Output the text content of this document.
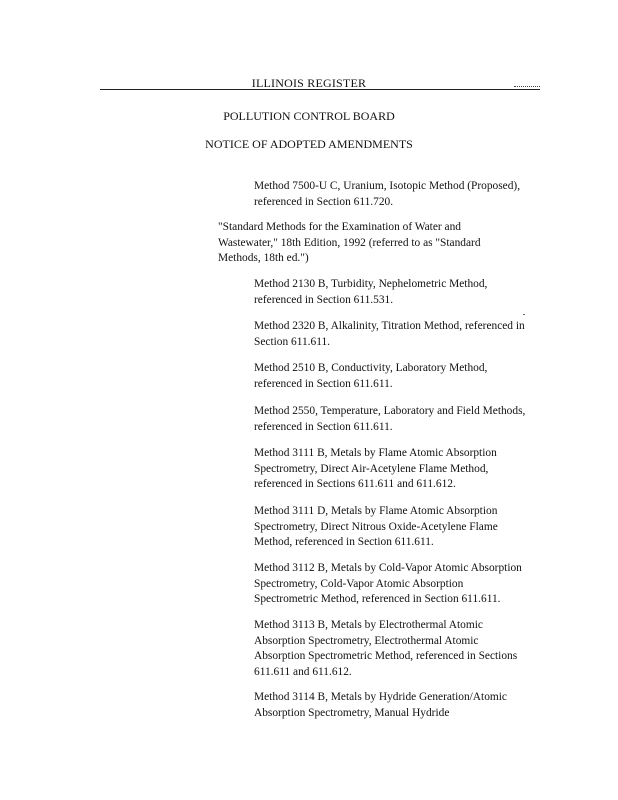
ILLINOIS REGISTER
POLLUTION CONTROL BOARD
NOTICE OF ADOPTED AMENDMENTS
Method 7500-U C, Uranium, Isotopic Method (Proposed),
referenced in Section 611.720.
"Standard Methods for the Examination of Water and
Wastewater," 18th Edition, 1992 (referred to as "Standard
Methods, 18th ed.")
Method 2130 B, Turbidity, Nephelometric Method,
referenced in Section 611.531.
Method 2320 B, Alkalinity, Titration Method, referenced in
Section 611.611.
Method 2510 B, Conductivity, Laboratory Method,
referenced in Section 611.611.
Method 2550, Temperature, Laboratory and Field Methods,
referenced in Section 611.611.
Method 3111 B, Metals by Flame Atomic Absorption
Spectrometry, Direct Air-Acetylene Flame Method,
referenced in Sections 611.611 and 611.612.
Method 3111 D, Metals by Flame Atomic Absorption
Spectrometry, Direct Nitrous Oxide-Acetylene Flame
Method, referenced in Section 611.611.
Method 3112 B, Metals by Cold-Vapor Atomic Absorption
Spectrometry, Cold-Vapor Atomic Absorption
Spectrometric Method, referenced in Section 611.611.
Method 3113 B, Metals by Electrothermal Atomic
Absorption Spectrometry, Electrothermal Atomic
Absorption Spectrometric Method, referenced in Sections
611.611 and 611.612.
Method 3114 B, Metals by Hydride Generation/Atomic
Absorption Spectrometry, Manual Hydride
